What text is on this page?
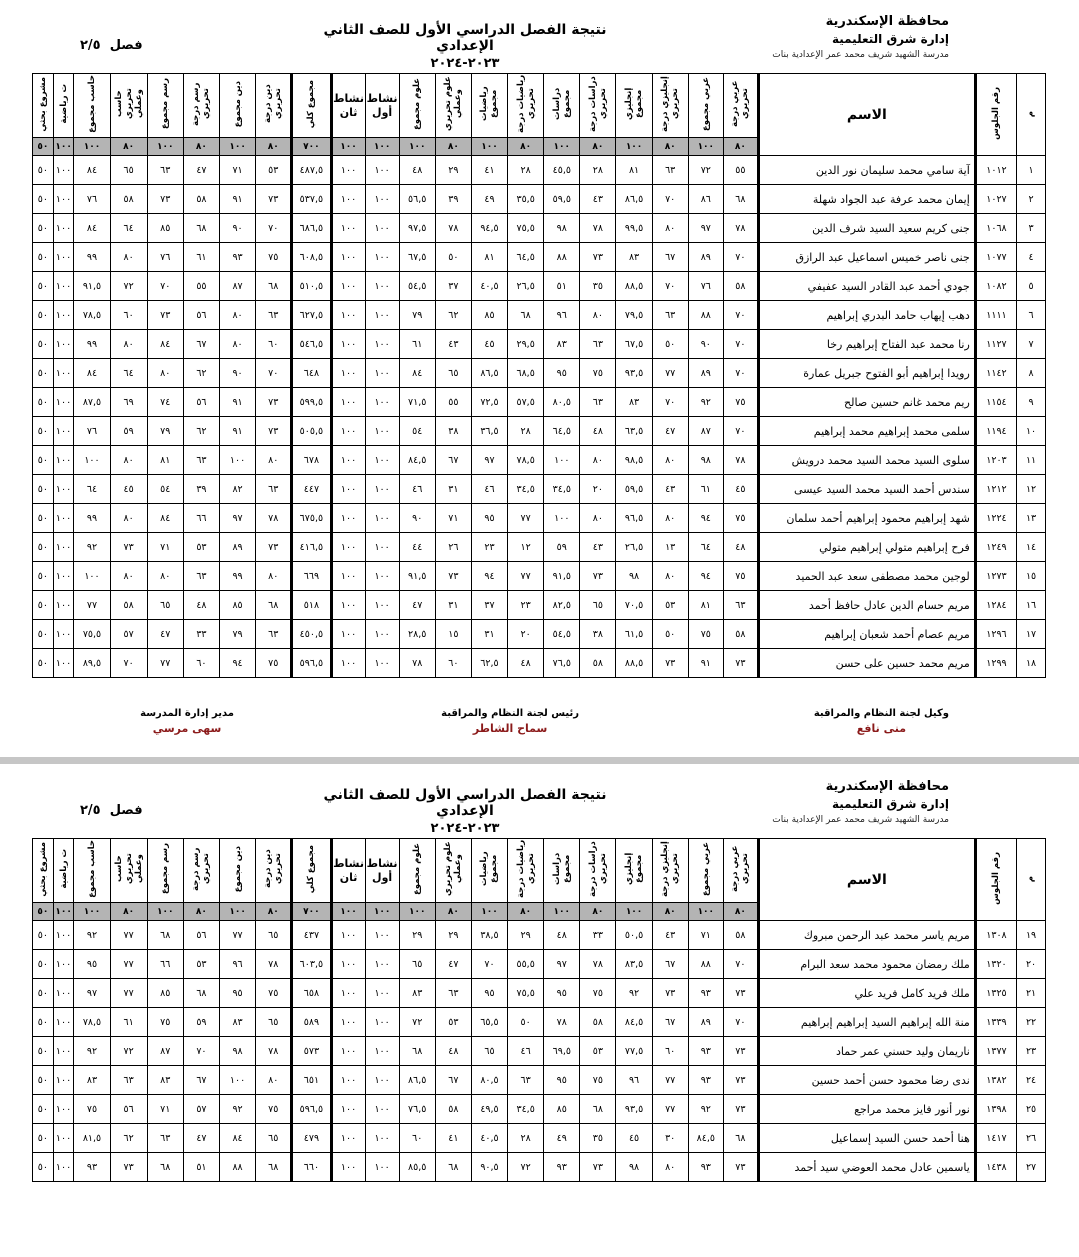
محافظة الإسكندرية
إدارة شرق التعليمية
مدرسة الشهيد شريف محمد عمر الإعدادية بنات
نتيجة الفصل الدراسي الأول للصف الثاني الإعدادي
٢٠٢٣-٢٠٢٤
فصل  ٢/٥
م	رقم الجلوس	الاسم	عربي درجة تحريري	عربي مجموع	إنجليزي درجة تحريري	إنجليزي مجموع	دراسات درجة تحريري	دراسات مجموع	رياضيات درجة تحريري	رياضيات مجموع	علوم تحريري وعملي	علوم مجموع	نشاط أول	نشاط ثان	مجموع كلي	دين درجة تحريري	دين مجموع	رسم درجة تحريري	رسم مجموع	حاسب تحريري وعملي	حاسب مجموع	ت رياضية	مشروع بحثي
			٨٠	١٠٠	٨٠	١٠٠	٨٠	١٠٠	٨٠	١٠٠	٨٠	١٠٠	١٠٠	١٠٠	٧٠٠	٨٠	١٠٠	٨٠	١٠٠	٨٠	١٠٠	١٠٠	٥٠
١	١٠١٢	آية سامي محمد سليمان نور الدين	٥٥	٧٢	٦٣	٨١	٢٨	٤٥,٥	٢٨	٤١	٢٩	٤٨	١٠٠	١٠٠	٤٨٧,٥	٥٣	٧١	٤٧	٦٣	٦٥	٨٤	١٠٠	٥٠
٢	١٠٢٧	إيمان محمد عرفة عبد الجواد شهلة	٦٨	٨٦	٧٠	٨٦,٥	٤٣	٥٩,٥	٣٥,٥	٤٩	٣٩	٥٦,٥	١٠٠	١٠٠	٥٣٧,٥	٧٣	٩١	٥٨	٧٣	٥٨	٧٦	١٠٠	٥٠
٣	١٠٦٨	جنى كريم سعيد السيد شرف الدين	٧٨	٩٧	٨٠	٩٩,٥	٧٨	٩٨	٧٥,٥	٩٤,٥	٧٨	٩٧,٥	١٠٠	١٠٠	٦٨٦,٥	٧٠	٩٠	٦٨	٨٥	٦٤	٨٤	١٠٠	٥٠
٤	١٠٧٧	جنى ناصر خميس اسماعيل عبد الرازق	٧٠	٨٩	٦٧	٨٣	٧٣	٨٨	٦٤,٥	٨١	٥٠	٦٧,٥	١٠٠	١٠٠	٦٠٨,٥	٧٥	٩٣	٦١	٧٦	٨٠	٩٩	١٠٠	٥٠
٥	١٠٨٢	جودي أحمد عبد القادر السيد عفيفي	٥٨	٧٦	٧٠	٨٨,٥	٣٥	٥١	٢٦,٥	٤٠,٥	٣٧	٥٤,٥	١٠٠	١٠٠	٥١٠,٥	٦٨	٨٧	٥٥	٧٠	٧٢	٩١,٥	١٠٠	٥٠
٦	١١١١	دهب إيهاب حامد البدري إبراهيم	٧٠	٨٨	٦٣	٧٩,٥	٨٠	٩٦	٦٨	٨٥	٦٢	٧٩	١٠٠	١٠٠	٦٢٧,٥	٦٣	٨٠	٥٦	٧٣	٦٠	٧٨,٥	١٠٠	٥٠
٧	١١٢٧	رنا محمد عبد الفتاح إبراهيم رخا	٧٠	٩٠	٥٠	٦٧,٥	٦٣	٨٣	٢٩,٥	٤٥	٤٣	٦١	١٠٠	١٠٠	٥٤٦,٥	٦٠	٨٠	٦٧	٨٤	٨٠	٩٩	١٠٠	٥٠
٨	١١٤٢	رويدا إبراهيم أبو الفتوح جبريل عمارة	٧٠	٨٩	٧٧	٩٣,٥	٧٥	٩٥	٦٨,٥	٨٦,٥	٦٥	٨٤	١٠٠	١٠٠	٦٤٨	٧٠	٩٠	٦٢	٨٠	٦٤	٨٤	١٠٠	٥٠
٩	١١٥٤	ريم محمد غانم حسين صالح	٧٥	٩٢	٧٠	٨٣	٦٣	٨٠,٥	٥٧,٥	٧٢,٥	٥٥	٧١,٥	١٠٠	١٠٠	٥٩٩,٥	٧٣	٩١	٥٦	٧٤	٦٩	٨٧,٥	١٠٠	٥٠
١٠	١١٩٤	سلمى محمد إبراهيم محمد إبراهيم	٧٠	٨٧	٤٧	٦٣,٥	٤٨	٦٤,٥	٢٨	٣٦,٥	٣٨	٥٤	١٠٠	١٠٠	٥٠٥,٥	٧٣	٩١	٦٢	٧٩	٥٩	٧٦	١٠٠	٥٠
١١	١٢٠٣	سلوى السيد محمد السيد محمد درويش	٧٨	٩٨	٨٠	٩٨,٥	٨٠	١٠٠	٧٨,٥	٩٧	٦٧	٨٤,٥	١٠٠	١٠٠	٦٧٨	٨٠	١٠٠	٦٣	٨١	٨٠	١٠٠	١٠٠	٥٠
١٢	١٢١٢	سندس أحمد السيد محمد السيد عيسى	٤٥	٦١	٤٣	٥٩,٥	٢٠	٣٤,٥	٣٤,٥	٤٦	٣١	٤٦	١٠٠	١٠٠	٤٤٧	٦٣	٨٢	٣٩	٥٤	٤٥	٦٤	١٠٠	٥٠
١٣	١٢٢٤	شهد إبراهيم محمود إبراهيم أحمد سلمان	٧٥	٩٤	٨٠	٩٦,٥	٨٠	١٠٠	٧٧	٩٥	٧١	٩٠	١٠٠	١٠٠	٦٧٥,٥	٧٨	٩٧	٦٦	٨٤	٨٠	٩٩	١٠٠	٥٠
١٤	١٢٤٩	فرح إبراهيم متولي إبراهيم متولي	٤٨	٦٤	١٣	٢٦,٥	٤٣	٥٩	١٢	٢٣	٢٦	٤٤	١٠٠	١٠٠	٤١٦,٥	٧٣	٨٩	٥٣	٧١	٧٣	٩٢	١٠٠	٥٠
١٥	١٢٧٣	لوجين محمد مصطفى سعد عبد الحميد	٧٥	٩٤	٨٠	٩٨	٧٣	٩١,٥	٧٧	٩٤	٧٣	٩١,٥	١٠٠	١٠٠	٦٦٩	٨٠	٩٩	٦٣	٨٠	٨٠	١٠٠	١٠٠	٥٠
١٦	١٢٨٤	مريم حسام الدين عادل حافظ أحمد	٦٣	٨١	٥٣	٧٠,٥	٦٥	٨٢,٥	٢٣	٣٧	٣١	٤٧	١٠٠	١٠٠	٥١٨	٦٨	٨٥	٤٨	٦٥	٥٨	٧٧	١٠٠	٥٠
١٧	١٢٩٦	مريم عصام أحمد شعبان إبراهيم	٥٨	٧٥	٥٠	٦١,٥	٣٨	٥٤,٥	٢٠	٣١	١٥	٢٨,٥	١٠٠	١٠٠	٤٥٠,٥	٦٣	٧٩	٣٣	٤٧	٥٧	٧٥,٥	١٠٠	٥٠
١٨	١٢٩٩	مريم محمد حسين على حسن	٧٣	٩١	٧٣	٨٨,٥	٥٨	٧٦,٥	٤٨	٦٢,٥	٦٠	٧٨	١٠٠	١٠٠	٥٩٦,٥	٧٥	٩٤	٦٠	٧٧	٧٠	٨٩,٥	١٠٠	٥٠
وكيل لجنة النظام والمراقبة
منى نافع
رئيس لجنة النظام والمراقبة
سماح الشاطر
مدير إدارة المدرسة
سهى مرسي
محافظة الإسكندرية
إدارة شرق التعليمية
مدرسة الشهيد شريف محمد عمر الإعدادية بنات
نتيجة الفصل الدراسي الأول للصف الثاني الإعدادي
٢٠٢٣-٢٠٢٤
فصل  ٢/٥
م	رقم الجلوس	الاسم	عربي درجة تحريري	عربي مجموع	إنجليزي درجة تحريري	إنجليزي مجموع	دراسات درجة تحريري	دراسات مجموع	رياضيات درجة تحريري	رياضيات مجموع	علوم تحريري وعملي	علوم مجموع	نشاط أول	نشاط ثان	مجموع كلي	دين درجة تحريري	دين مجموع	رسم درجة تحريري	رسم مجموع	حاسب تحريري وعملي	حاسب مجموع	ت رياضية	مشروع بحثي
			٨٠	١٠٠	٨٠	١٠٠	٨٠	١٠٠	٨٠	١٠٠	٨٠	١٠٠	١٠٠	١٠٠	٧٠٠	٨٠	١٠٠	٨٠	١٠٠	٨٠	١٠٠	١٠٠	٥٠
١٩	١٣٠٨	مريم ياسر محمد عبد الرحمن مبروك	٥٨	٧١	٤٣	٥٠,٥	٣٣	٤٨	٢٩	٣٨,٥	٢٩	٢٩	١٠٠	١٠٠	٤٣٧	٦٥	٧٧	٥٦	٦٨	٧٧	٩٢	١٠٠	٥٠
٢٠	١٣٢٠	ملك رمضان محمود محمد سعد البرام	٧٠	٨٨	٦٧	٨٣,٥	٧٨	٩٧	٥٥,٥	٧٠	٤٧	٦٥	١٠٠	١٠٠	٦٠٣,٥	٧٨	٩٦	٥٣	٦٦	٧٧	٩٥	١٠٠	٥٠
٢١	١٣٢٥	ملك فريد كامل فريد علي	٧٣	٩٣	٧٣	٩٢	٧٥	٩٥	٧٥,٥	٩٥	٦٣	٨٣	١٠٠	١٠٠	٦٥٨	٧٥	٩٥	٦٨	٨٥	٧٧	٩٧	١٠٠	٥٠
٢٢	١٣٣٩	منة الله إبراهيم السيد إبراهيم إبراهيم	٧٠	٨٩	٦٧	٨٤,٥	٥٨	٧٨	٥٠	٦٥,٥	٥٣	٧٢	١٠٠	١٠٠	٥٨٩	٦٥	٨٣	٥٩	٧٥	٦١	٧٨,٥	١٠٠	٥٠
٢٣	١٣٧٧	ناريمان وليد حسني عمر حماد	٧٣	٩٣	٦٠	٧٧,٥	٥٣	٦٩,٥	٤٦	٦٥	٤٨	٦٨	١٠٠	١٠٠	٥٧٣	٧٨	٩٨	٧٠	٨٧	٧٢	٩٢	١٠٠	٥٠
٢٤	١٣٨٢	ندى رضا محمود حسن أحمد حسين	٧٣	٩٣	٧٧	٩٦	٧٥	٩٥	٦٣	٨٠,٥	٦٧	٨٦,٥	١٠٠	١٠٠	٦٥١	٨٠	١٠٠	٦٧	٨٣	٦٣	٨٣	١٠٠	٥٠
٢٥	١٣٩٨	نور أنور فايز محمد مراجع	٧٣	٩٢	٧٧	٩٣,٥	٦٨	٨٥	٣٤,٥	٤٩,٥	٥٨	٧٦,٥	١٠٠	١٠٠	٥٩٦,٥	٧٥	٩٢	٥٧	٧١	٥٦	٧٥	١٠٠	٥٠
٢٦	١٤١٧	هنا أحمد حسن السيد إسماعيل	٦٨	٨٤,٥	٣٠	٤٥	٣٥	٤٩	٢٨	٤٠,٥	٤١	٦٠	١٠٠	١٠٠	٤٧٩	٦٥	٨٤	٤٧	٦٣	٦٢	٨١,٥	١٠٠	٥٠
٢٧	١٤٣٨	ياسمين عادل محمد العوضي سيد أحمد	٧٣	٩٣	٨٠	٩٨	٧٣	٩٣	٧٢	٩٠,٥	٦٨	٨٥,٥	١٠٠	١٠٠	٦٦٠	٦٨	٨٨	٥١	٦٨	٧٣	٩٣	١٠٠	٥٠
